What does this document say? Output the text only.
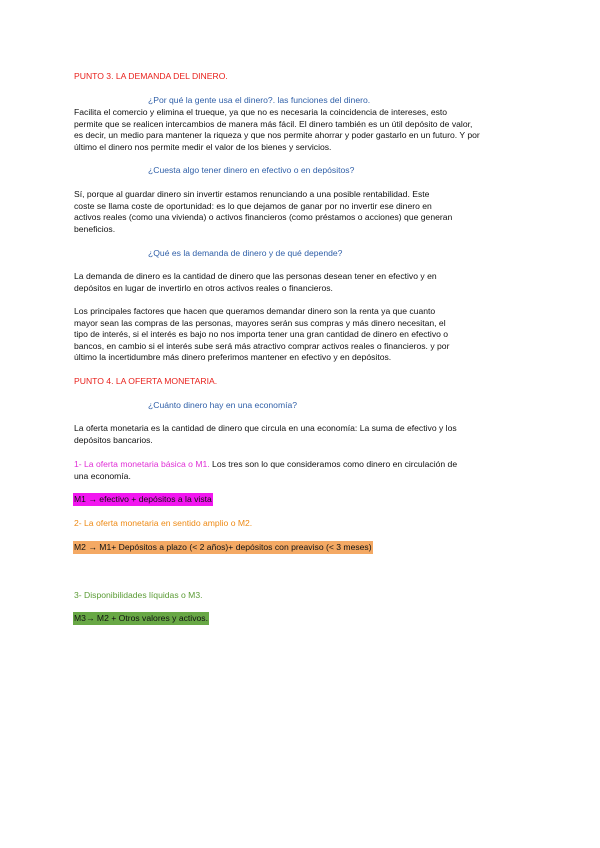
PUNTO 3. LA DEMANDA DEL DINERO.
¿Por qué la gente usa el dinero?. las funciones del dinero.
Facilita el comercio y elimina el trueque, ya que no es necesaria la coincidencia de intereses, esto
permite que se realicen intercambios de manera más fácil. El dinero también es un útil depósito de valor,
es decir, un medio para mantener la riqueza y que nos permite ahorrar y poder gastarlo en un futuro. Y por
último el dinero nos permite medir el valor de los bienes y servicios.
¿Cuesta algo tener dinero en efectivo o en depósitos?
Sí, porque al guardar dinero sin invertir estamos renunciando a una posible rentabilidad. Este
coste se llama coste de oportunidad: es lo que dejamos de ganar por no invertir ese dinero en
activos reales (como una vivienda) o activos financieros (como préstamos o acciones) que generan
beneficios.
¿Qué es la demanda de dinero y de qué depende?
La demanda de dinero es la cantidad de dinero que las personas desean tener en efectivo y en
depósitos en lugar de invertirlo en otros activos reales o financieros.
Los principales factores que hacen que queramos demandar dinero son la renta ya que cuanto
mayor sean las compras de las personas, mayores serán sus compras y más dinero necesitan, el
tipo de interés, si el interés es bajo no nos importa tener una gran cantidad de dinero en efectivo o
bancos, en cambio si el interés sube será más atractivo comprar activos reales o financieros. y por
último la incertidumbre más dinero preferimos mantener en efectivo y en depósitos.
PUNTO 4. LA OFERTA MONETARIA.
¿Cuánto dinero hay en una economía?
La oferta monetaria es la cantidad de dinero que circula en una economía: La suma de efectivo y los
depósitos bancarios.
1- La oferta monetaria básica o M1. Los tres son lo que consideramos como dinero en circulación de
una economía.
M1 → efectivo + depósitos a la vista
2- La oferta monetaria en sentido amplio o M2.
M2 → M1+ Depósitos a plazo (< 2 años)+ depósitos con preaviso (< 3 meses)
3- Disponibilidades líquidas o M3.
M3→ M2 + Otros valores y activos.
